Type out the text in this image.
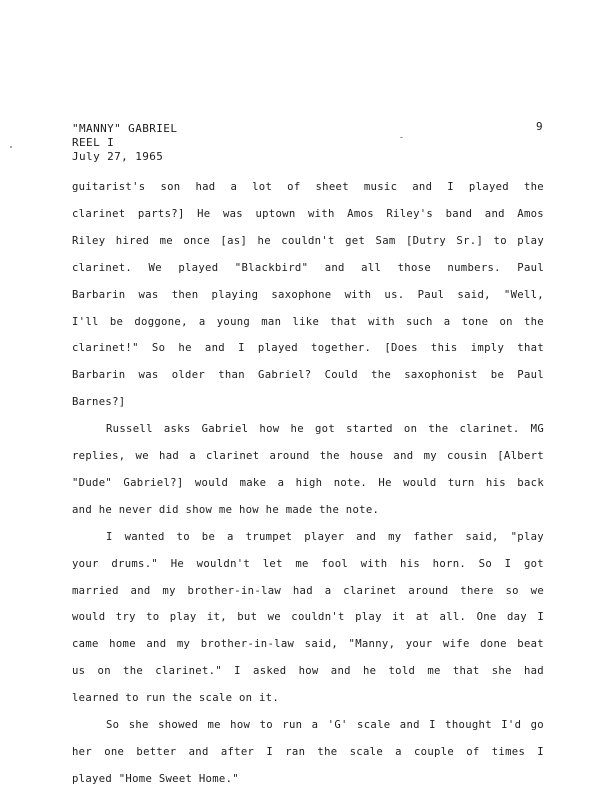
"MANNY" GABRIEL
REEL I
July 27, 1965
9
guitarist's son had a lot of sheet music and I played the
clarinet parts?] He was uptown with Amos Riley's band and Amos
Riley hired me once [as] he couldn't get Sam [Dutry Sr.] to play
clarinet. We played "Blackbird" and all those numbers. Paul
Barbarin was then playing saxophone with us. Paul said, "Well,
I'll be doggone, a young man like that with such a tone on the
clarinet!" So he and I played together. [Does this imply that
Barbarin was older than Gabriel? Could the saxophonist be Paul
Barnes?]
Russell asks Gabriel how he got started on the clarinet. MG
replies, we had a clarinet around the house and my cousin [Albert
"Dude" Gabriel?] would make a high note. He would turn his back
and he never did show me how he made the note.
I wanted to be a trumpet player and my father said, "play
your drums." He wouldn't let me fool with his horn. So I got
married and my brother-in-law had a clarinet around there so we
would try to play it, but we couldn't play it at all. One day I
came home and my brother-in-law said, "Manny, your wife done beat
us on the clarinet." I asked how and he told me that she had
learned to run the scale on it.
So she showed me how to run a 'G' scale and I thought I'd go
her one better and after I ran the scale a couple of times I
played "Home Sweet Home."
